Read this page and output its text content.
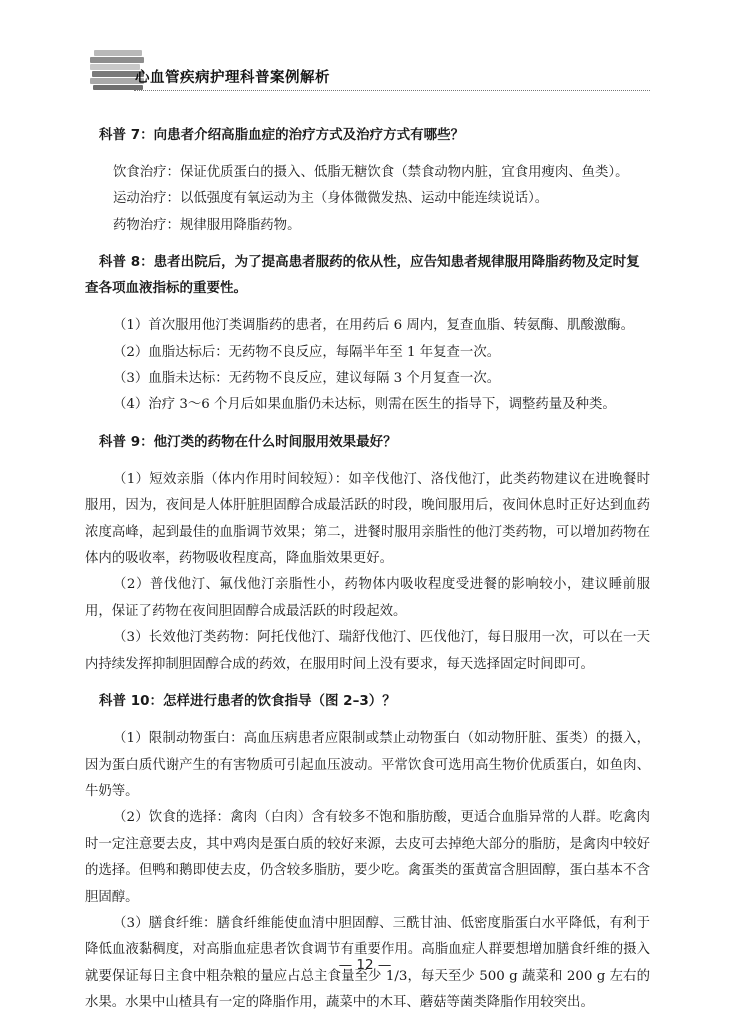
心血管疾病护理科普案例解析

科普 7：向患者介绍高脂血症的治疗方式及治疗方式有哪些？

饮食治疗：保证优质蛋白的摄入、低脂无糖饮食（禁食动物内脏，宜食用瘦肉、鱼类）。

运动治疗：以低强度有氧运动为主（身体微微发热、运动中能连续说话）。

药物治疗：规律服用降脂药物。

科普 8：患者出院后，为了提高患者服药的依从性，应告知患者规律服用降脂药物及定时复查各项血液指标的重要性。

（1）首次服用他汀类调脂药的患者，在用药后 6 周内，复查血脂、转氨酶、肌酸激酶。

（2）血脂达标后：无药物不良反应，每隔半年至 1 年复查一次。

（3）血脂未达标：无药物不良反应，建议每隔 3 个月复查一次。

（4）治疗 3～6 个月后如果血脂仍未达标，则需在医生的指导下，调整药量及种类。

科普 9：他汀类的药物在什么时间服用效果最好？

（1）短效亲脂（体内作用时间较短）：如辛伐他汀、洛伐他汀，此类药物建议在进晚餐时服用，因为，夜间是人体肝脏胆固醇合成最活跃的时段，晚间服用后，夜间休息时正好达到血药浓度高峰，起到最佳的血脂调节效果；第二，进餐时服用亲脂性的他汀类药物，可以增加药物在体内的吸收率，药物吸收程度高，降血脂效果更好。

（2）普伐他汀、氟伐他汀亲脂性小，药物体内吸收程度受进餐的影响较小，建议睡前服用，保证了药物在夜间胆固醇合成最活跃的时段起效。

（3）长效他汀类药物：阿托伐他汀、瑞舒伐他汀、匹伐他汀，每日服用一次，可以在一天内持续发挥抑制胆固醇合成的药效，在服用时间上没有要求，每天选择固定时间即可。

科普 10：怎样进行患者的饮食指导（图 2–3）？

（1）限制动物蛋白：高血压病患者应限制或禁止动物蛋白（如动物肝脏、蛋类）的摄入，因为蛋白质代谢产生的有害物质可引起血压波动。平常饮食可选用高生物价优质蛋白，如鱼肉、牛奶等。

（2）饮食的选择：禽肉（白肉）含有较多不饱和脂肪酸，更适合血脂异常的人群。吃禽肉时一定注意要去皮，其中鸡肉是蛋白质的较好来源，去皮可去掉绝大部分的脂肪，是禽肉中较好的选择。但鸭和鹅即使去皮，仍含较多脂肪，要少吃。禽蛋类的蛋黄富含胆固醇，蛋白基本不含胆固醇。

（3）膳食纤维：膳食纤维能使血清中胆固醇、三酰甘油、低密度脂蛋白水平降低，有利于降低血液黏稠度，对高脂血症患者饮食调节有重要作用。高脂血症人群要想增加膳食纤维的摄入就要保证每日主食中粗杂粮的量应占总主食量至少 1/3，每天至少 500 g 蔬菜和 200 g 左右的水果。水果中山楂具有一定的降脂作用，蔬菜中的木耳、蘑菇等菌类降脂作用较突出。

— 12 —
